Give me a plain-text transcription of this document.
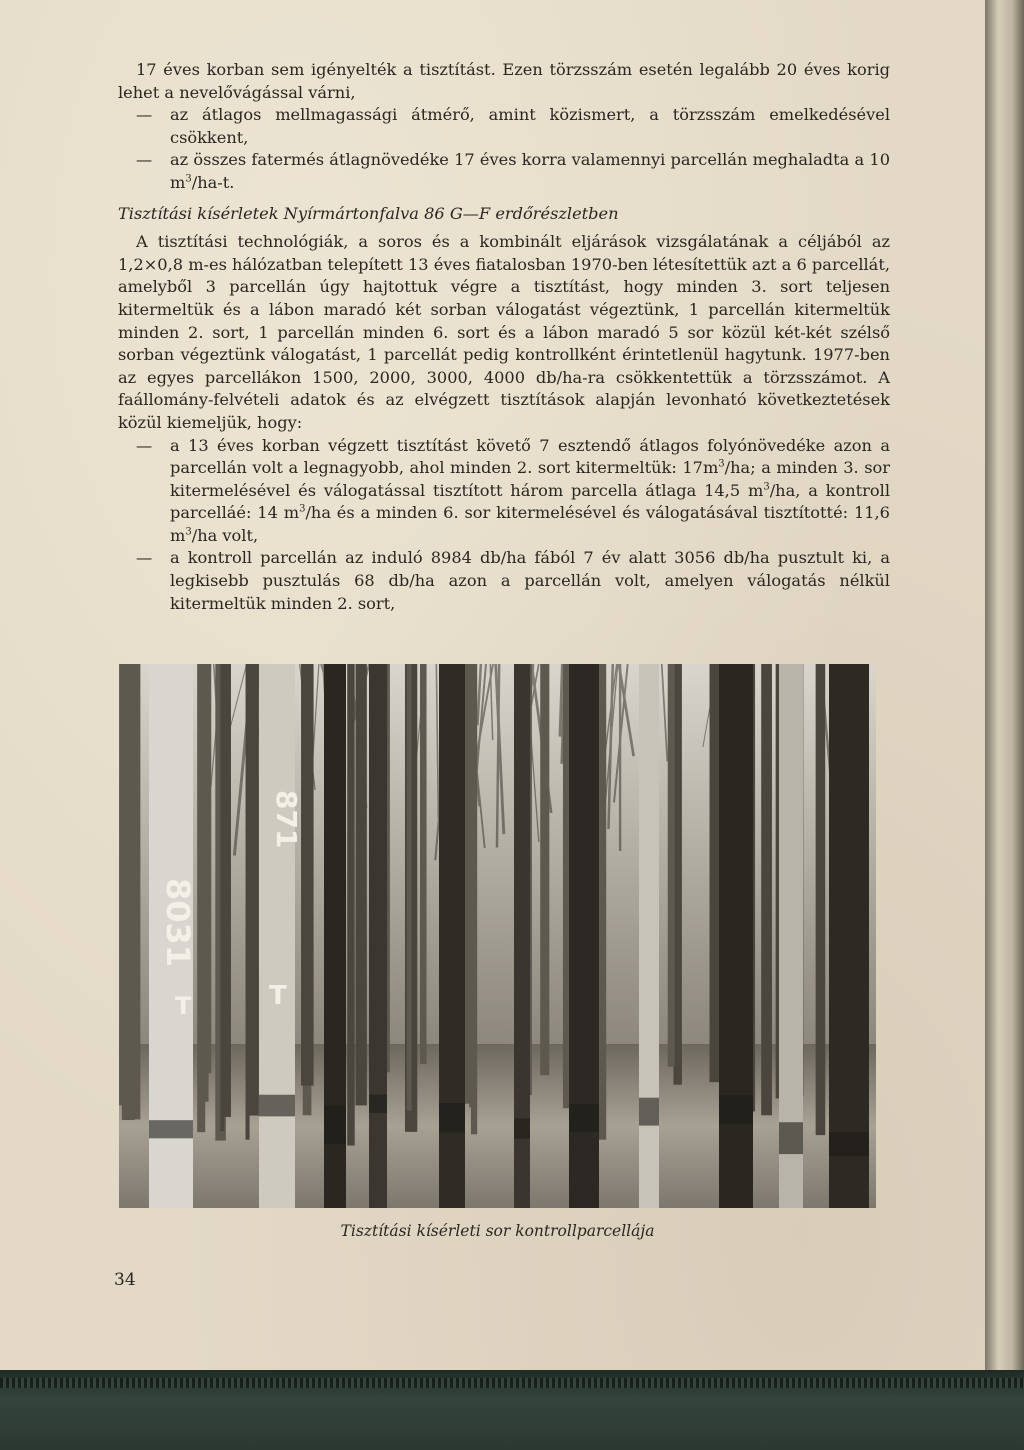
17 éves korban sem igényelték a tisztítást. Ezen törzsszám esetén legalább 20 éves korig lehet a nevelővágással várni,

— az átlagos mellmagassági átmérő, amint közismert, a törzsszám emelkedésével csökkent,

— az összes fatermés átlagnövedéke 17 éves korra valamennyi parcellán meghaladta a 10 $m^3/ha-t$.

Tisztítási kísérletek Nyírmártonfalva 86 G—F erdőrészletben

A tisztítási technológiák, a soros és a kombinált eljárások vizsgálatának a céljából az 1,2×0,8 m-es hálózatban telepített 13 éves fiatalosban 1970-ben létesítettük azt a 6 parcellát, amelyből 3 parcellán úgy hajtottuk végre a tisztítást, hogy minden 3. sort teljesen kitermeltük és a lábon maradó két sorban válogatást végeztünk, 1 parcellán kitermeltük minden 2. sort, 1 parcellán minden 6. sort és a lábon maradó 5 sor közül két-két szélső sorban végeztünk válogatást, 1 parcellát pedig kontrollként érintetlenül hagytunk. 1977-ben az egyes parcellákon 1500, 2000, 3000, 4000 db/ha-ra csökkentettük a törzsszámot. A faállomány-felvételi adatok és az elvégzett tisztítások alapján levonható következtetések közül kiemeljük, hogy:

— a 13 éves korban végzett tisztítást követő 7 esztendő átlagos folyónövedéke azon a parcellán volt a legnagyobb, ahol minden 2. sort kitermeltük: $17m^3/ha$; a minden 3. sor kitermelésével és válogatással tisztított három parcella átlaga 14,5 $m^3/ha$, a kontroll parcelláé: 14 $m^3/ha$ és a minden 6. sor kitermelésével és válogatásával tisztítotté: 11,6 $m^3/ha$ volt,

— a kontroll parcellán az induló 8984 db/ha fából 7 év alatt 3056 db/ha pusztult ki, a legkisebb pusztulás 68 db/ha azon a parcellán volt, amelyen válogatás nélkül kitermeltük minden 2. sort,

8031
871
T	T
Tisztítási kísérleti sor kontrollparcellája
34
